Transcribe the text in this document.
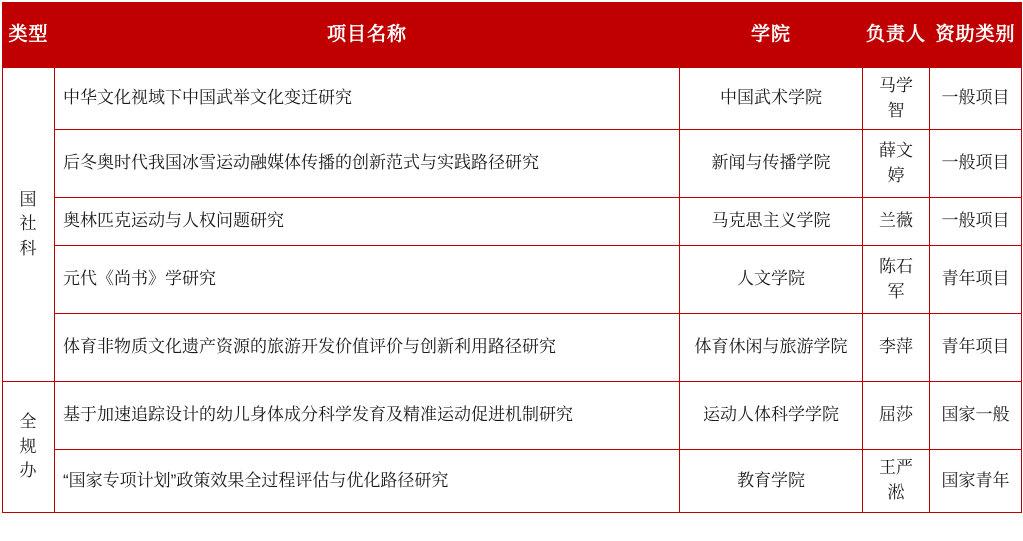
类型	项目名称	学院	负责人	资助类别
国社科	中华文化视域下中国武举文化变迁研究	中国武术学院	马学智	一般项目
	后冬奥时代我国冰雪运动融媒体传播的创新范式与实践路径研究	新闻与传播学院	薛文婷	一般项目
	奥林匹克运动与人权问题研究	马克思主义学院	兰薇	一般项目
	元代《尚书》学研究	人文学院	陈石军	青年项目
	体育非物质文化遗产资源的旅游开发价值评价与创新利用路径研究	体育休闲与旅游学院	李萍	青年项目
全规办	基于加速追踪设计的幼儿身体成分科学发育及精准运动促进机制研究	运动人体科学学院	屈莎	国家一般
	“国家专项计划”政策效果全过程评估与优化路径研究	教育学院	王严淞	国家青年
